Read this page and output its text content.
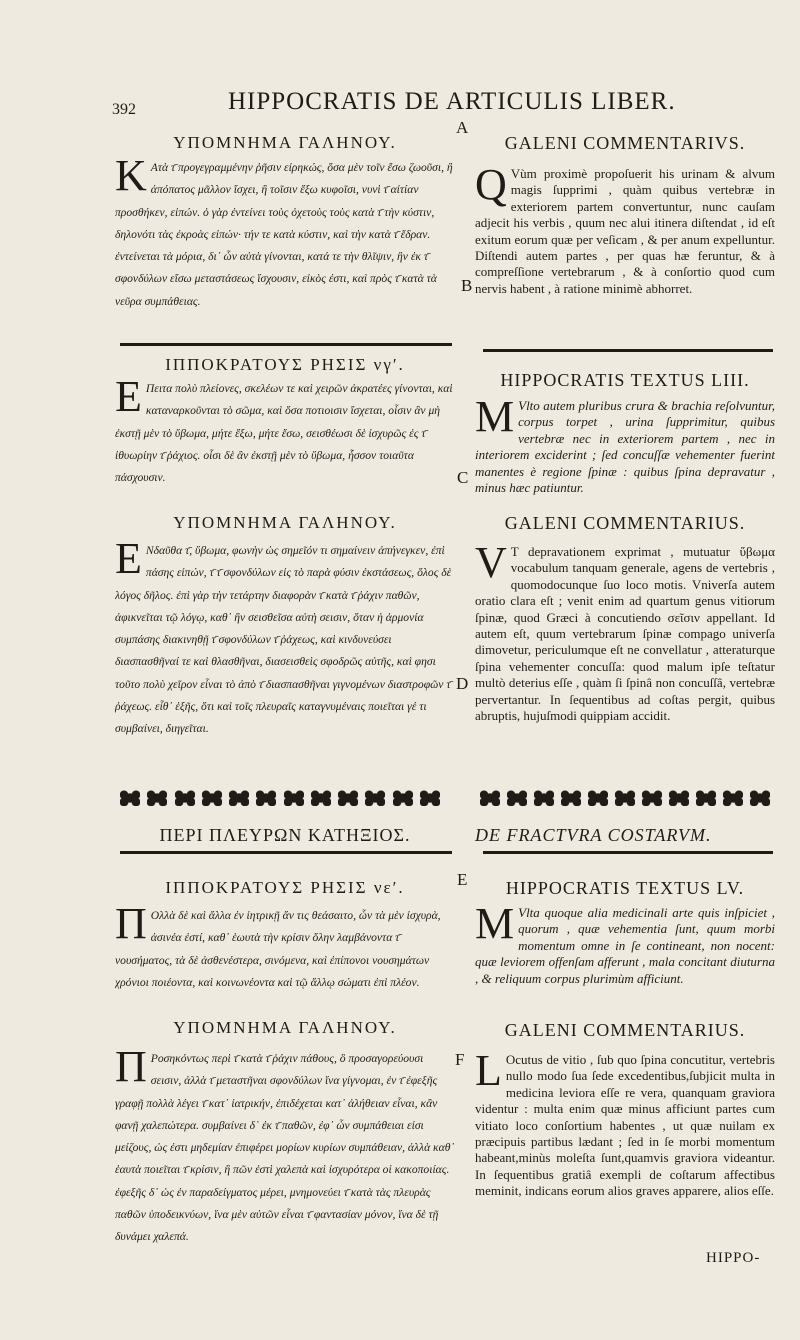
392	HIPPOCRATIS DE ARTICULIS LIBER.
A
B
C
D
E
F
ΥΠΟΜΝΗΜΑ ΓΑΛΗΝΟΥ.
Κ Ατὰ τ̄ προγεγραμμένην ῥῆσιν εἰρηκώς, ὅσα μὲν τοῖν ἔσω ζωοῦσι, ἢ ἀπόπατος μᾶλλον ἴσχει, ἢ τοῖσιν ἔξω κυφοῖσι, νυνὶ τ̄ αἰτίαν προσθήκεν, εἰπών. ὁ γὰρ ἐντείνει τοὺς ὀχετοὺς τοὺς κατὰ τ̄ τὴν κύστιν, δηλονότι τὰς ἐκροὰς εἰπών· τήν τε κατὰ κύστιν, καὶ τὴν κατὰ τ̄ ἕδραν. ἐντείνεται τὰ μόρια, δι᾽ ὧν αὐτὰ γίνονται, κατά τε τὴν θλῖψιν, ἣν ἐκ τ̄ σφονδύλων εἴσω μεταστάσεως ἴσχουσιν, εἰκὸς ἐστι, καὶ πρὸς τ̄ κατὰ τὰ νεῦρα συμπάθειας.
ΙΠΠΟΚΡΑΤΟΥΣ ΡΗΣΙΣ νγʹ.
Ε Πειτα πολὺ πλείονες, σκελέων τε καὶ χειρῶν ἀκρατέες γίνονται, καὶ καταναρκοῦνται τὸ σῶμα, καὶ ὅσα ποτιοισιν ἴσχεται, οἷσιν ἂν μὴ ἐκστῇ μὲν τὸ ὕβωμα, μήτε ἔξω, μήτε ἔσω, σεισθέωσι δὲ ἰσχυρῶς ἐς τ̄ ἰθυωρίην τ̄ ῥάχιος. οἷσι δὲ ἂν ἐκστῇ μὲν τὸ ὕβωμα, ἧσσον τοιαῦτα πάσχουσιν.
ΥΠΟΜΝΗΜΑ ΓΑΛΗΝΟΥ.
Ε Νδαῦθα τ̄, ὕβωμα, φωνὴν ὡς σημεῖόν τι σημαίνειν ἀπήνεγκεν, ἐπὶ πάσης εἰπών, τ̄ τ̄ σφονδύλων εἰς τὸ παρὰ φύσιν ἐκστάσεως, ὅλος δὲ λόγος δῆλος. ἐπὶ γὰρ τὴν τετάρτην διαφορὰν τ̄ κατὰ τ̄ ῥάχιν παθῶν, ἀφικνεῖται τῷ λόγῳ, καθ᾽ ἣν σεισθεῖσα αὐτὴ σεισιν, ὅταν ἡ ἁρμονία συμπάσης διακινηθῇ τ̄ σφονδύλων τ̄ ῥάχεως, καὶ κινδυνεύσει διασπασθῆναί τε καὶ θλασθῆναι, διασεισθεὶς σφοδρῶς αὐτῆς, καὶ φησι τοῦτο πολὺ χεῖρον εἶναι τὸ ἀπὸ τ̄ διασπασθῆναι γιγνομένων διαστροφῶν τ̄ ῥάχεως. εἶθ᾽ ἑξῆς, ὅτι καὶ τοῖς πλευραῖς καταγνυμέναις ποιεῖται γέ τι συμβαίνει, διηγεῖται.
ΠΕΡΙ ΠΛΕΥΡΩΝ ΚΑΤΗΞΙΟΣ.
ΙΠΠΟΚΡΑΤΟΥΣ ΡΗΣΙΣ νεʹ.
Π Ολλὰ δὲ καὶ ἄλλα ἐν ἰητρικῇ ἄν τις θεάσαιτο, ὧν τὰ μὲν ἰσχυρὰ, ἀσινέα ἐστί, καθ᾽ ἑωυτὰ τὴν κρίσιν ὅλην λαμβάνοντα τ̄ νουσήματος, τὰ δὲ ἀσθενέστερα, σινόμενα, καὶ ἐπίπονοι νουσημάτων χρόνιοι ποιέοντα, καὶ κοινωνέοντα καὶ τῷ ἄλλῳ σώματι ἐπὶ πλέον.
ΥΠΟΜΝΗΜΑ ΓΑΛΗΝΟΥ.
Π Ροσηκόντως περὶ τ̄ κατὰ τ̄ ῥάχιν πάθους, ὃ προσαγορεύουσι σεισιν, ἀλλὰ τ̄ μεταστῆναι σφονδύλων ἵνα γίγνομαι, ἐν τ̄ ἐφεξῆς γραφῇ πολλὰ λέγει τ̄ κατ᾽ ἰατρικήν, ἐπιδέχεται κατ᾽ ἀλήθειαν εἶναι, κἂν φανῇ χαλεπώτερα. συμβαίνει δ᾽ ἐκ τ̄ παθῶν, ἐφ᾽ ὧν συμπάθειαι εἰσι μείζους, ὡς ἐστι μηδεμίαν ἐπιφέρει μορίων κυρίων συμπάθειαν, ἀλλὰ καθ᾽ ἑαυτὰ ποιεῖται τ̄ κρίσιν, ἣ πῶν ἐστὶ χαλεπὰ καὶ ἰσχυρότερα οἱ κακοποιίας. ἐφεξῆς δ᾽ ὡς ἐν παραδείγματος μέρει, μνημονεύει τ̄ κατὰ τὰς πλευρὰς παθῶν ὑποδεικνύων, ἵνα μὲν αὐτῶν εἶναι τ̄ φαντασίαν μόνον, ἵνα δὲ τῇ δυνάμει χαλεπά.
GALENI COMMENTARIVS.
Q Vùm proximè propoſuerit his urinam & alvum magis ſupprimi , quàm quibus vertebræ in exteriorem partem convertuntur, nunc cauſam adjecit his verbis , quum nec alui itinera diſtendat , id eſt exitum eorum quæ per veſicam , & per anum expelluntur. Diſtendi autem partes , per quas hæ feruntur, & à compreſſione vertebrarum , & à conſortio quod cum nervis habent , à ratione minimè abhorret.
HIPPOCRATIS TEXTUS LIII.
M Vlto autem pluribus crura & brachia reſolvuntur, corpus torpet , urina ſupprimitur, quibus vertebræ nec in exteriorem partem , nec in interiorem exciderint ; ſed concuſſæ vehementer fuerint manentes è regione ſpinæ : quibus ſpina depravatur , minus hæc patiuntur.
GALENI COMMENTARIUS.
V T depravationem exprimat , mutuatur ὕβωμα vocabulum tanquam generale, agens de vertebris , quomodocunque ſuo loco motis. Vniverſa autem oratio clara eſt ; venit enim ad quartum genus vitiorum ſpinæ, quod Græci à concutiendo σεῖσιν appellant. Id autem eſt, quum vertebrarum ſpinæ compago univerſa dimovetur, periculumque eſt ne convellatur , atteraturque ſpina vehementer concuſſa: quod malum ipſe teſtatur multò deterius eſſe , quàm ſi ſpinâ non concuſſâ, vertebræ pervertantur. In ſequentibus ad coſtas pergit, quibus abruptis, hujuſmodi quippiam accidit.
DE FRACTVRA COSTARVM.
HIPPOCRATIS TEXTUS LV.
M Vlta quoque alia medicinali arte quis inſpiciet , quorum , quæ vehementia ſunt, quum morbi momentum omne in ſe contineant, non nocent: quæ leviorem offenſam afferunt , mala concitant diuturna , & reliquum corpus plurimùm afficiunt.
GALENI COMMENTARIUS.
L Ocutus de vitio , ſub quo ſpina concutitur, vertebris nullo modo ſua ſede excedentibus,ſubjicit multa in medicina leviora eſſe re vera, quanquam graviora videntur : multa enim quæ minus afficiunt partes cum vitiato loco conſortium habentes , ut quæ nuilam ex præcipuis partibus lædant ; ſed in ſe morbi momentum habeant,minùs moleſta ſunt,quamvis graviora videantur. In ſequentibus gratiâ exempli de coſtarum affectibus meminit, indicans eorum alios graves apparere, alios eſſe.
HIPPO-
